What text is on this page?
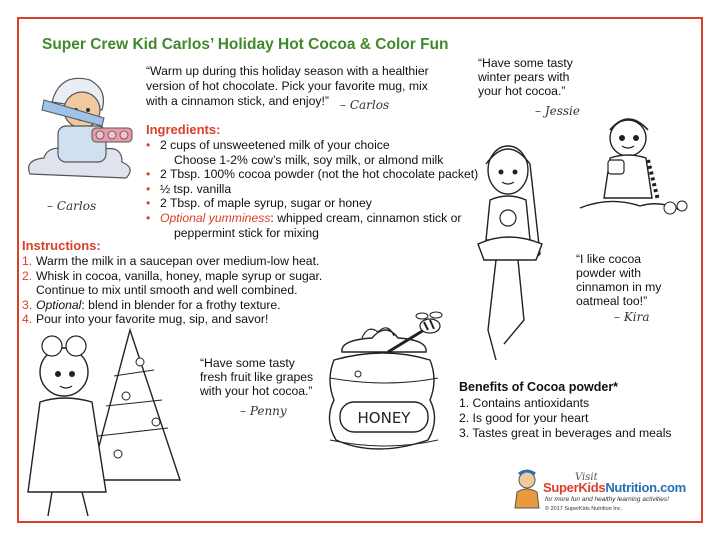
Super Crew Kid Carlos’ Holiday Hot Cocoa & Color Fun
– Carlos
“Warm up during this holiday season with a healthier
version of hot chocolate. Pick your favorite mug, mix
with a cinnamon stick, and enjoy!” – Carlos
Ingredients:
• 2 cups of unsweetened milk of your choice
Choose 1-2% cow’s milk, soy milk, or almond milk
• 2 Tbsp. 100% cocoa powder (not the hot chocolate packet)
• ½ tsp. vanilla
• 2 Tbsp. of maple syrup, sugar or honey
• Optional yumminess: whipped cream, cinnamon stick or
peppermint stick for mixing
Instructions:
1. Warm the milk in a saucepan over medium-low heat.
2. Whisk in cocoa, vanilla, honey, maple syrup or sugar.
Continue to mix until smooth and well combined.
3. Optional: blend in blender for a frothy texture.
4. Pour into your favorite mug, sip, and savor!
“Have some tasty
winter pears with
your hot cocoa.”
– Jessie
“I like cocoa
powder with
cinnamon in my
oatmeal too!”
– Kira
“Have some tasty
fresh fruit like grapes
with your hot cocoa.”
– Penny	HONEY
Benefits of Cocoa powder*
1. Contains antioxidants
2. Is good for your heart
3. Tastes great in beverages and meals
Visit
SuperKidsNutrition.com
for more fun and healthy learning activities!
© 2017 SuperKids Nutrition Inc.
